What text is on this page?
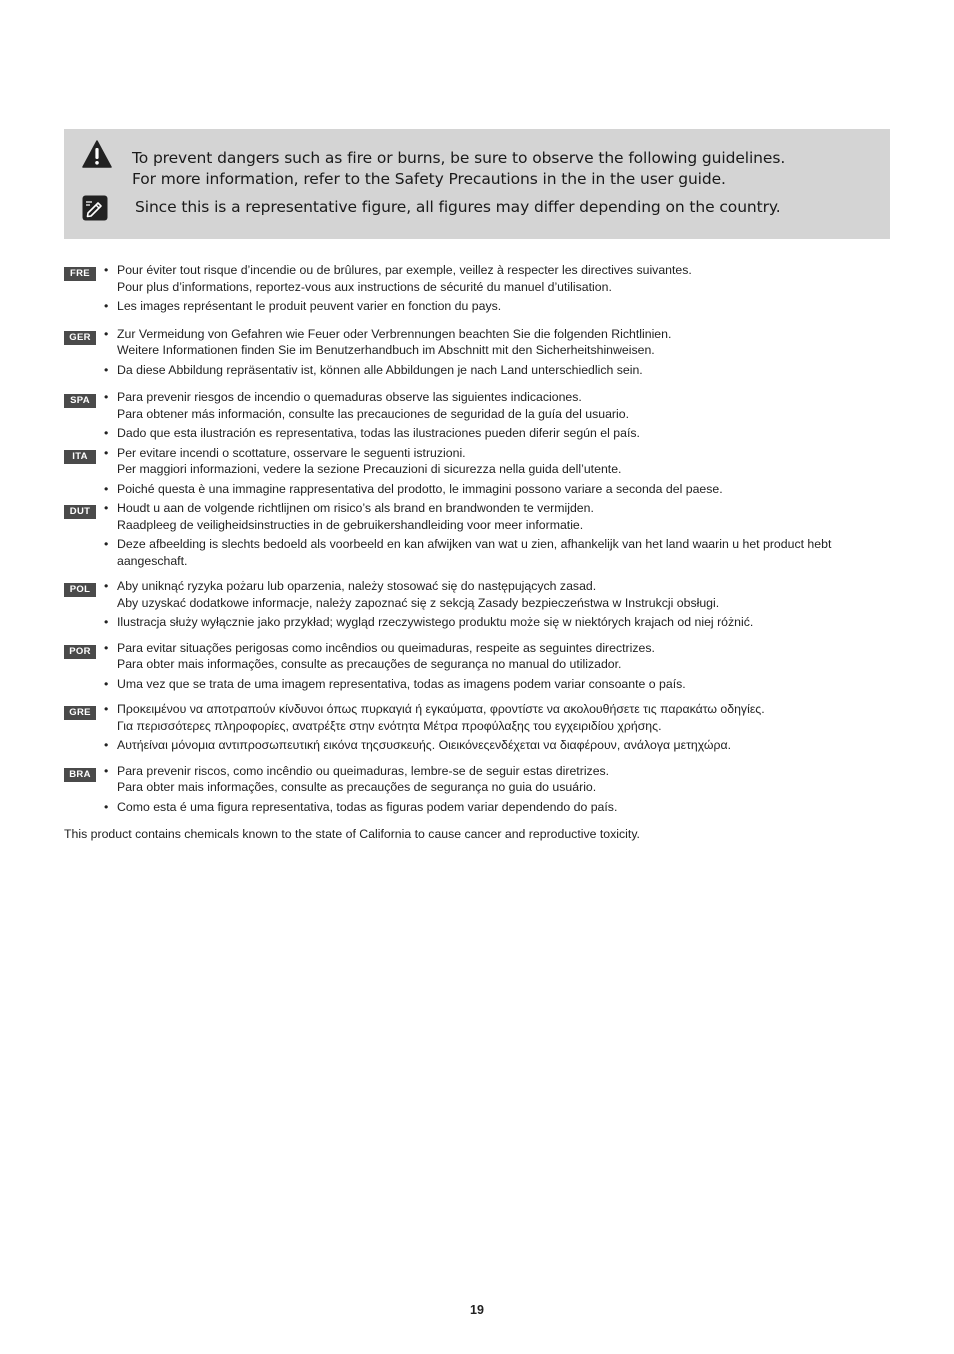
To prevent dangers such as fire or burns, be sure to observe the following guidelines.
For more information, refer to the Safety Precautions in the in the user guide.
Since this is a representative figure, all figures may differ depending on the country.
FRE	• Pour éviter tout risque d’incendie ou de brûlures, par exemple, veillez à respecter les directives suivantes.
Pour plus d’informations, reportez-vous aux instructions de sécurité du manuel d’utilisation.
• Les images représentant le produit peuvent varier en fonction du pays.
GER	• Zur Vermeidung von Gefahren wie Feuer oder Verbrennungen beachten Sie die folgenden Richtlinien.
Weitere Informationen finden Sie im Benutzerhandbuch im Abschnitt mit den Sicherheitshinweisen.
• Da diese Abbildung repräsentativ ist, können alle Abbildungen je nach Land unterschiedlich sein.
SPA	• Para prevenir riesgos de incendio o quemaduras observe las siguientes indicaciones.
Para obtener más información, consulte las precauciones de seguridad de la guía del usuario.
• Dado que esta ilustración es representativa, todas las ilustraciones pueden diferir según el país.
ITA	• Per evitare incendi o scottature, osservare le seguenti istruzioni.
Per maggiori informazioni, vedere la sezione Precauzioni di sicurezza nella guida dell’utente.
• Poiché questa è una immagine rappresentativa del prodotto, le immagini possono variare a seconda del paese.
DUT	• Houdt u aan de volgende richtlijnen om risico’s als brand en brandwonden te vermijden.
Raadpleeg de veiligheidsinstructies in de gebruikershandleiding voor meer informatie.
• Deze afbeelding is slechts bedoeld als voorbeeld en kan afwijken van wat u zien, afhankelijk van het land waarin u het product hebt
aangeschaft.
POL	• Aby uniknąć ryzyka pożaru lub oparzenia, należy stosować się do następujących zasad.
Aby uzyskać dodatkowe informacje, należy zapoznać się z sekcją Zasady bezpieczeństwa w Instrukcji obsługi.
• Ilustracja służy wyłącznie jako przykład; wygląd rzeczywistego produktu może się w niektórych krajach od niej różnić.
POR	• Para evitar situações perigosas como incêndios ou queimaduras, respeite as seguintes directrizes.
Para obter mais informações, consulte as precauções de segurança no manual do utilizador.
• Uma vez que se trata de uma imagem representativa, todas as imagens podem variar consoante o país.
GRE	• Προκειμένου να αποτραπούν κίνδυνοι όπως πυρκαγιά ή εγκαύματα, φροντίστε να ακολουθήσετε τις παρακάτω οδηγίες.
Για περισσότερες πληροφορίες, ανατρέξτε στην ενότητα Μέτρα προφύλαξης του εγχειριδίου χρήσης.
• Αυτήείναι μόνομια αντιπροσωπευτική εικόνα τηςσυσκευής. Οιεικόνεςενδέχεται να διαφέρουν, ανάλογα μετηχώρα.
BRA	• Para prevenir riscos, como incêndio ou queimaduras, lembre-se de seguir estas diretrizes.
Para obter mais informações, consulte as precauções de segurança no guia do usuário.
• Como esta é uma figura representativa, todas as figuras podem variar dependendo do país.
This product contains chemicals known to the state of California to cause cancer and reproductive toxicity.
19
